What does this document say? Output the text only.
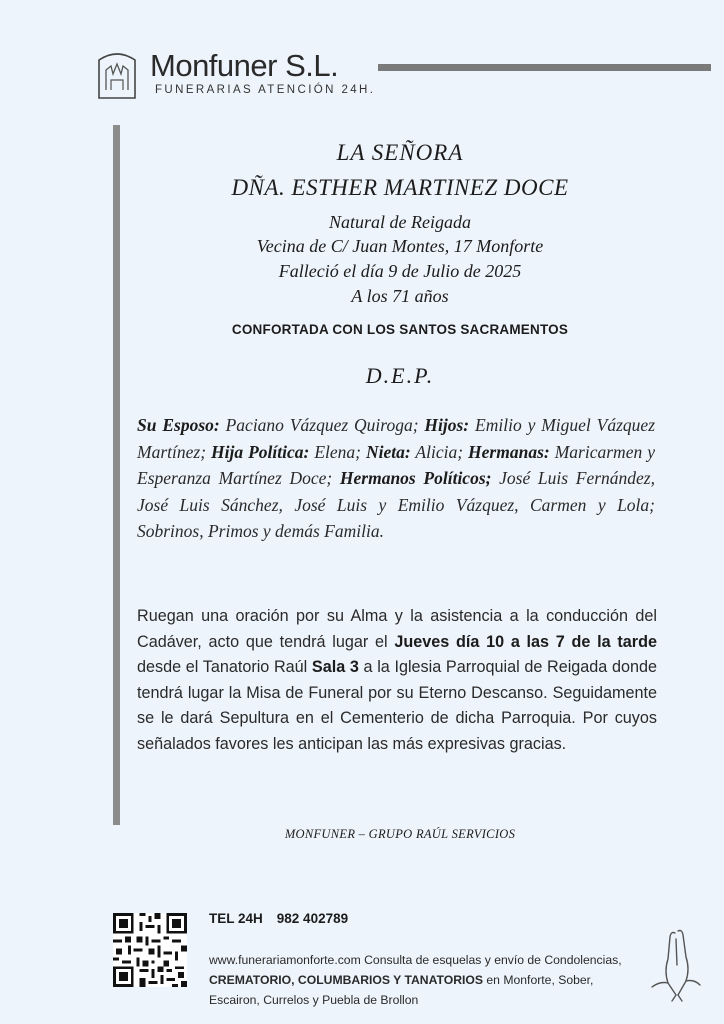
Monfuner S.L.
FUNERARIAS ATENCIÓN 24H.
LA SEÑORA
DÑA. ESTHER MARTINEZ DOCE
Natural de Reigada
Vecina de C/ Juan Montes, 17 Monforte
Falleció el día 9 de Julio de 2025
A los 71 años
CONFORTADA CON LOS SANTOS SACRAMENTOS
D.E.P.
Su Esposo: Paciano Vázquez Quiroga; Hijos: Emilio y Miguel Vázquez Martínez; Hija Política: Elena; Nieta: Alicia; Hermanas: Maricarmen y Esperanza Martínez Doce; Hermanos Políticos; José Luis Fernández, José Luis Sánchez, José Luis y Emilio Vázquez, Carmen y Lola; Sobrinos, Primos y demás Familia.
Ruegan una oración por su Alma y la asistencia a la conducción del Cadáver, acto que tendrá lugar el Jueves día 10 a las 7 de la tarde desde el Tanatorio Raúl Sala 3 a la Iglesia Parroquial de Reigada donde tendrá lugar la Misa de Funeral por su Eterno Descanso. Seguidamente se le dará Sepultura en el Cementerio de dicha Parroquia. Por cuyos señalados favores les anticipan las más expresivas gracias.
MONFUNER – GRUPO RAÚL SERVICIOS
TEL 24H 982 402789
www.funerariamonforte.com Consulta de esquelas y envío de Condolencias, CREMATORIO, COLUMBARIOS Y TANATORIOS en Monforte, Sober, Escairon, Currelos y Puebla de Brollon
